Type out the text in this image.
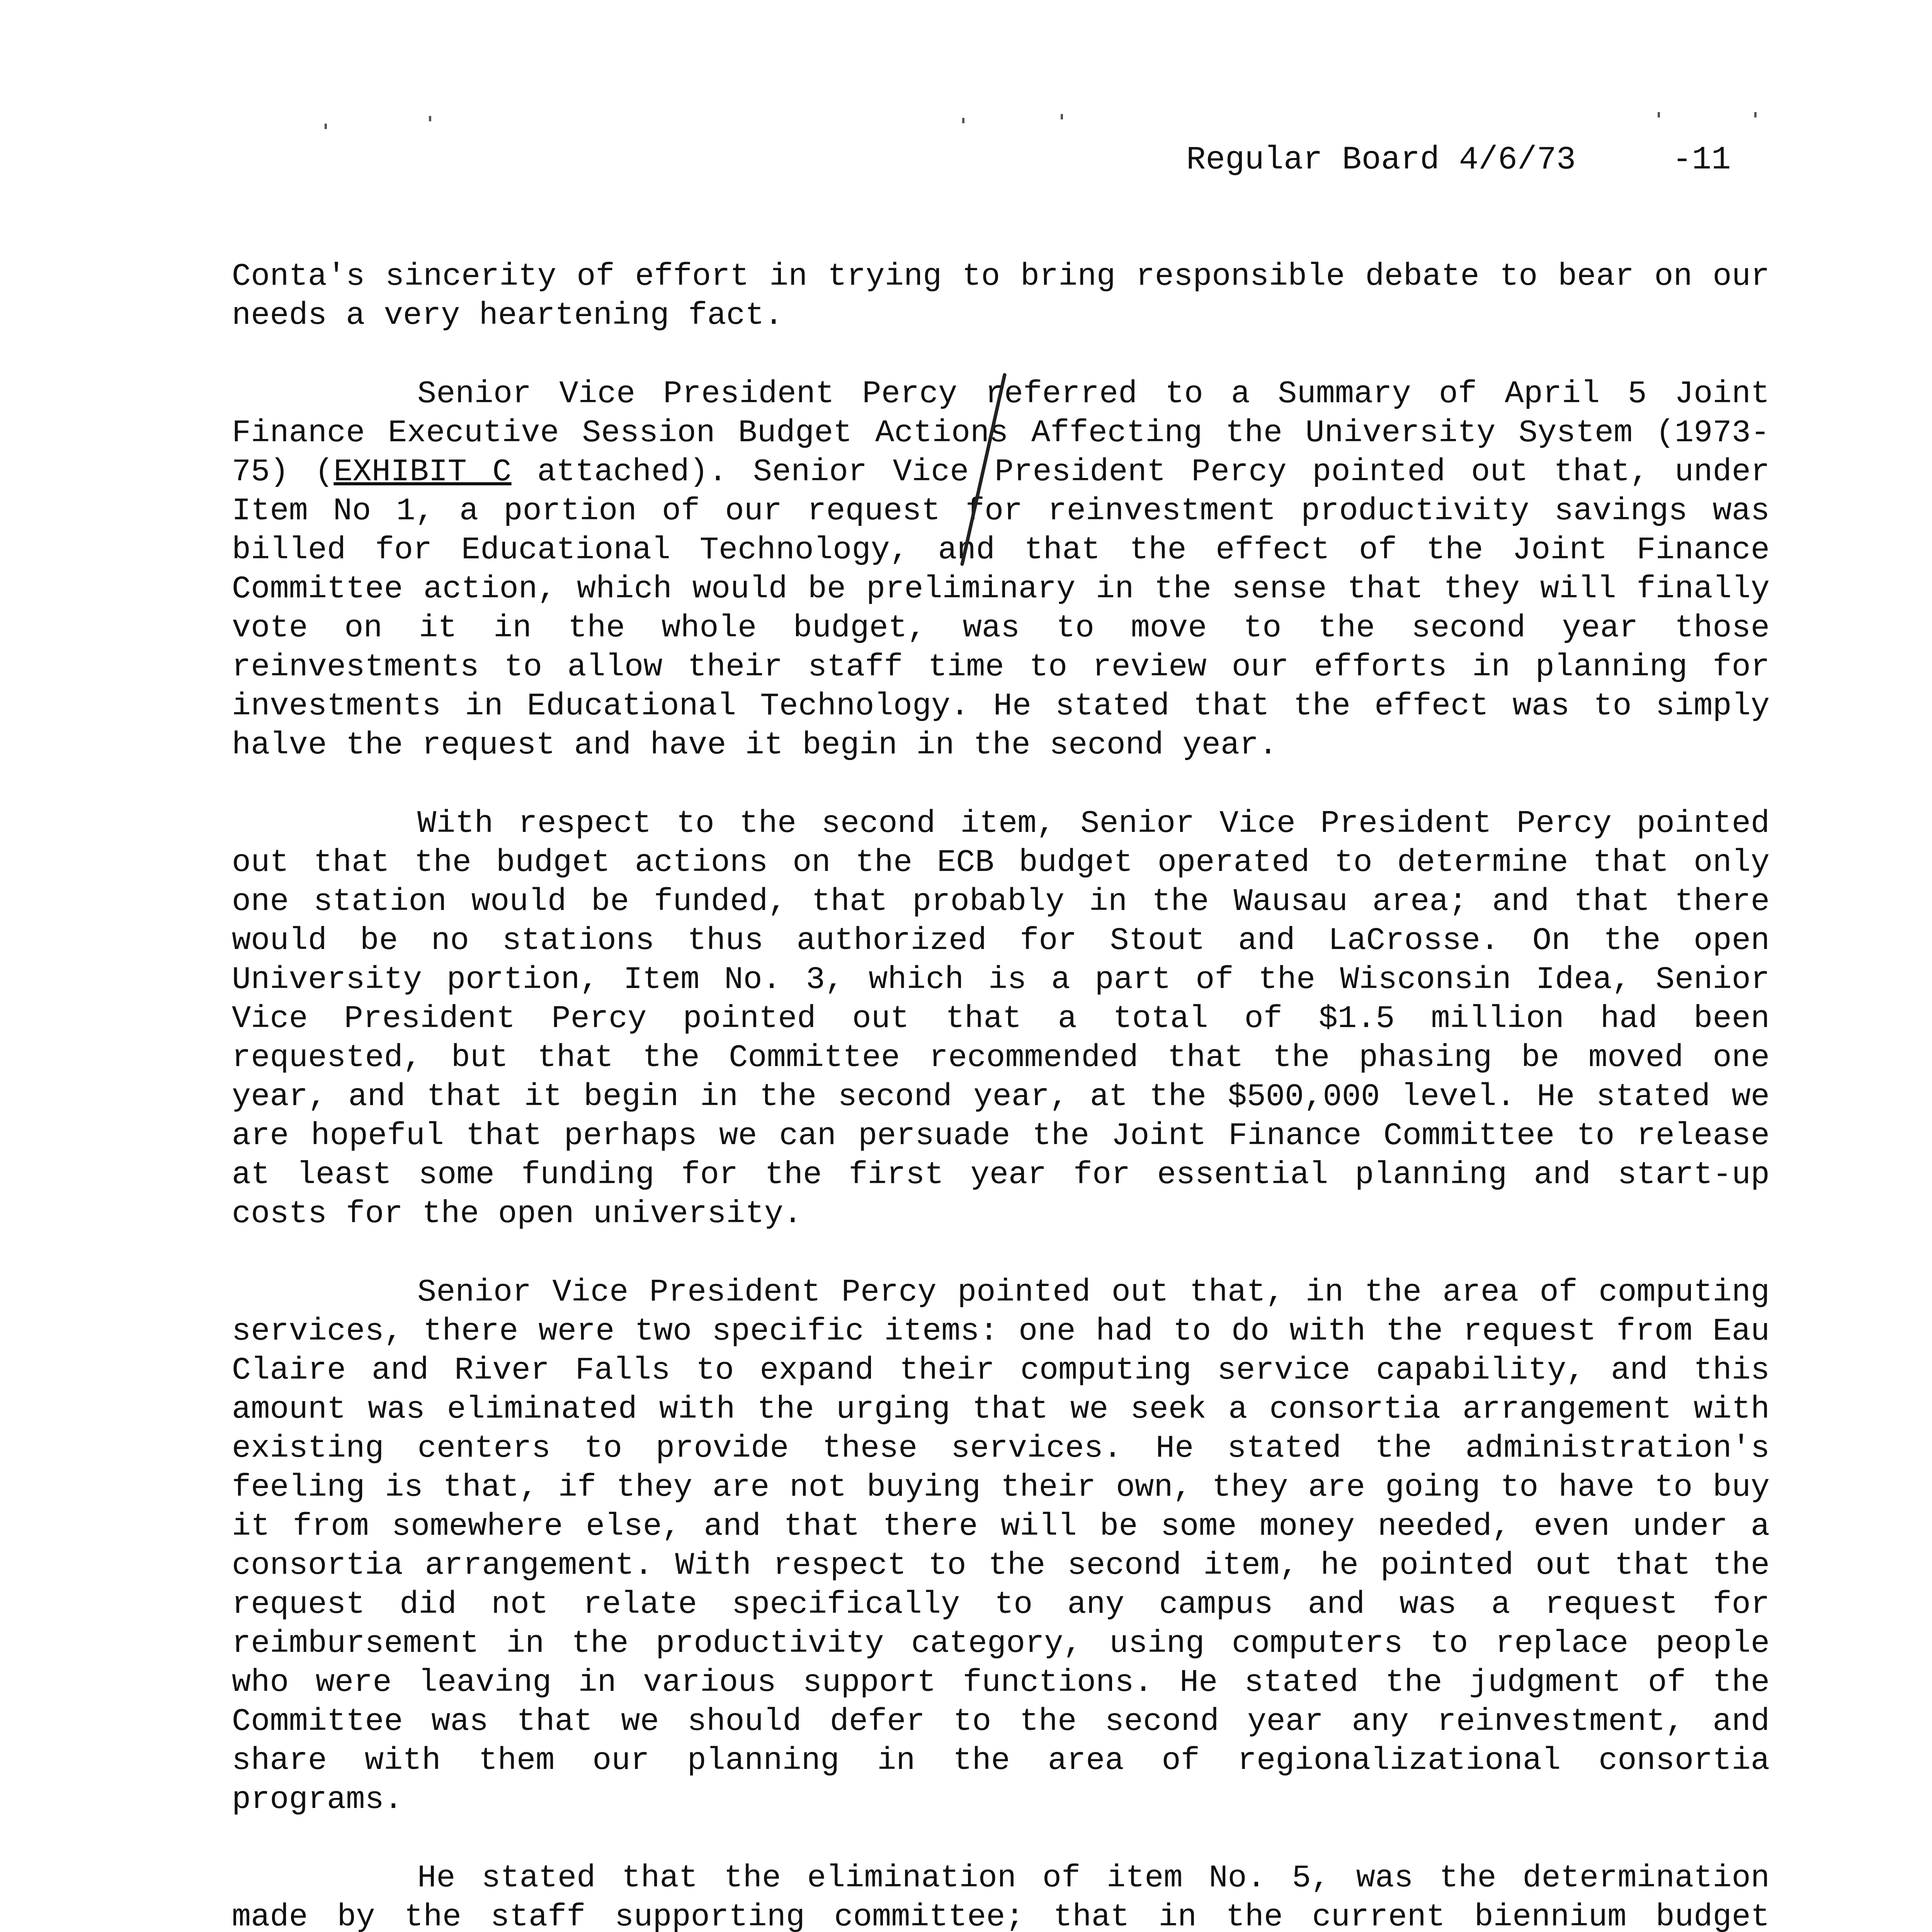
Regular Board 4/6/73	-11

Conta's sincerity of effort in trying to bring responsible debate to bear on our needs a very heartening fact.

Senior Vice President Percy referred to a Summary of April 5 Joint Finance Executive Session Budget Actions Affecting the University System (1973-75) (EXHIBIT C attached). Senior Vice President Percy pointed out that, under Item No 1, a portion of our request for reinvestment productivity savings was billed for Educational Technology, and that the effect of the Joint Finance Committee action, which would be preliminary in the sense that they will finally vote on it in the whole budget, was to move to the second year those reinvestments to allow their staff time to review our efforts in planning for investments in Educational Technology. He stated that the effect was to simply halve the request and have it begin in the second year.

With respect to the second item, Senior Vice President Percy pointed out that the budget actions on the ECB budget operated to determine that only one station would be funded, that probably in the Wausau area; and that there would be no stations thus authorized for Stout and LaCrosse. On the open University portion, Item No. 3, which is a part of the Wisconsin Idea, Senior Vice President Percy pointed out that a total of $1.5 million had been requested, but that the Committee recommended that the phasing be moved one year, and that it begin in the second year, at the $500,000 level. He stated we are hopeful that perhaps we can persuade the Joint Finance Committee to release at least some funding for the first year for essential planning and start-up costs for the open university.

Senior Vice President Percy pointed out that, in the area of computing services, there were two specific items: one had to do with the request from Eau Claire and River Falls to expand their computing service capability, and this amount was eliminated with the urging that we seek a consortia arrangement with existing centers to provide these services. He stated the administration's feeling is that, if they are not buying their own, they are going to have to buy it from somewhere else, and that there will be some money needed, even under a consortia arrangement. With respect to the second item, he pointed out that the request did not relate specifically to any campus and was a request for reimbursement in the productivity category, using computers to replace people who were leaving in various support functions. He stated the judgment of the Committee was that we should defer to the second year any reinvestment, and share with them our planning in the area of regionalizational consortia programs.

He stated that the elimination of item No. 5, was the determination made by the staff supporting committee; that in the current biennium budget
